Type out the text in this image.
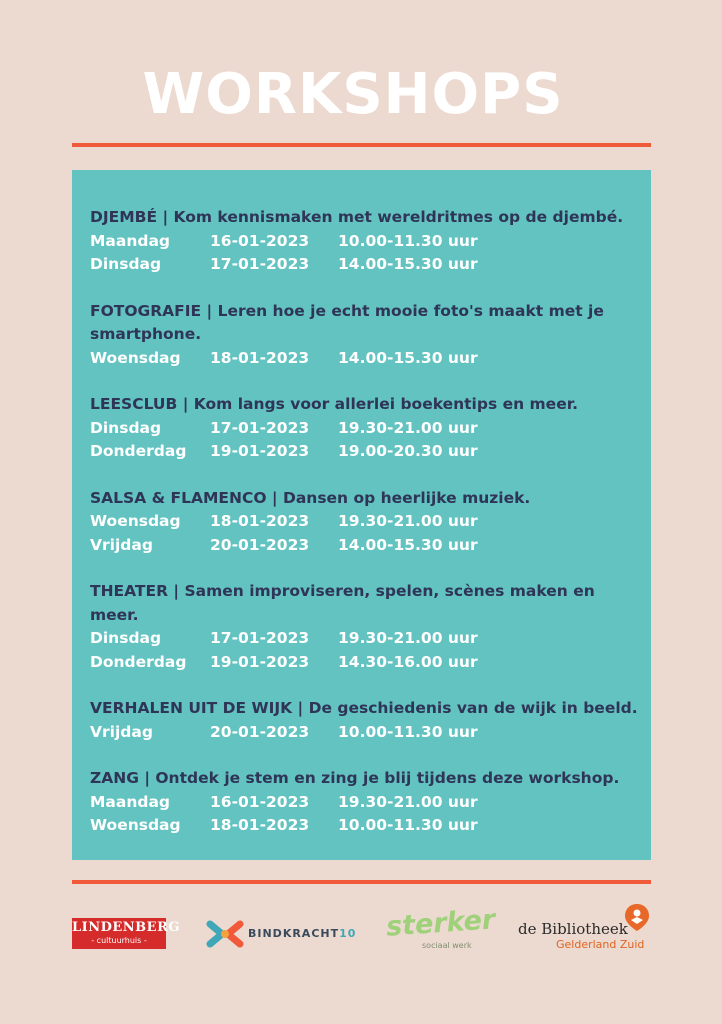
WORKSHOPS
DJEMBÉ | Kom kennismaken met wereldritmes op de djembé.
Maandag	16-01-2023 10.00-11.30 uur
Dinsdag	17-01-2023 14.00-15.30 uur
FOTOGRAFIE | Leren hoe je echt mooie foto's maakt met je smartphone.
Woensdag 18-01-2023 14.00-15.30 uur
LEESCLUB | Kom langs voor allerlei boekentips en meer.
Dinsdag	17-01-2023 19.30-21.00 uur
Donderdag 19-01-2023 19.00-20.30 uur
SALSA & FLAMENCO | Dansen op heerlijke muziek.
Woensdag 18-01-2023 19.30-21.00 uur
Vrijdag	20-01-2023 14.00-15.30 uur
THEATER | Samen improviseren, spelen, scènes maken en meer.
Dinsdag	17-01-2023 19.30-21.00 uur
Donderdag 19-01-2023 14.30-16.00 uur
VERHALEN UIT DE WIJK | De geschiedenis van de wijk in beeld.
Vrijdag	20-01-2023 10.00-11.30 uur
ZANG | Ontdek je stem en zing je blij tijdens deze workshop.
Maandag	16-01-2023 19.30-21.00 uur
Woensdag 18-01-2023 10.00-11.30 uur
LINDENBERG
- cultuurhuis -
BINDKRACHT10 sterker
sociaal werk
de Bibliotheek
Gelderland Zuid
